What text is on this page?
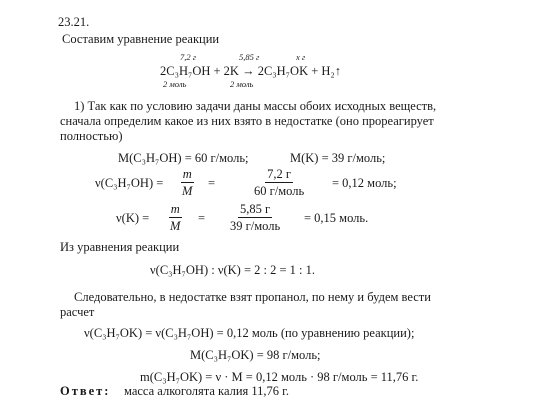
23.21.
Составим уравнение реакции
7,2 г	5,85 г	x г
2C₃H₇OH + 2K → 2C₃H₇OK + H₂↑
2 моль	2 моль
1) Так как по условию задачи даны массы обоих исходных веществ,
сначала определим какое из них взято в недостатке (оно прореагирует
полностью)
M(C₃H₇OH) = 60 г/моль;	M(K) = 39 г/моль;
$\nu(C_3H_7OH) = \frac{m}{M}$ =
7,2 г
60 г/моль
= 0,12 моль;
$\nu(K) = \frac{m}{M}$ =
5,85 г
39 г/моль
= 0,15 моль.
Из уравнения реакции
ν(C₃H₇OH) : ν(K) = 2 : 2 = 1 : 1.
Следовательно, в недостатке взят пропанол, по нему и будем вести
расчет
ν(C₃H₇OK) = ν(C₃H₇OH) = 0,12 моль (по уравнению реакции);
M(C₃H₇OK) = 98 г/моль;
m(C₃H₇OK) = ν · M = 0,12 моль · 98 г/моль = 11,76 г.
Ответ: масса алкоголята калия 11,76 г.
